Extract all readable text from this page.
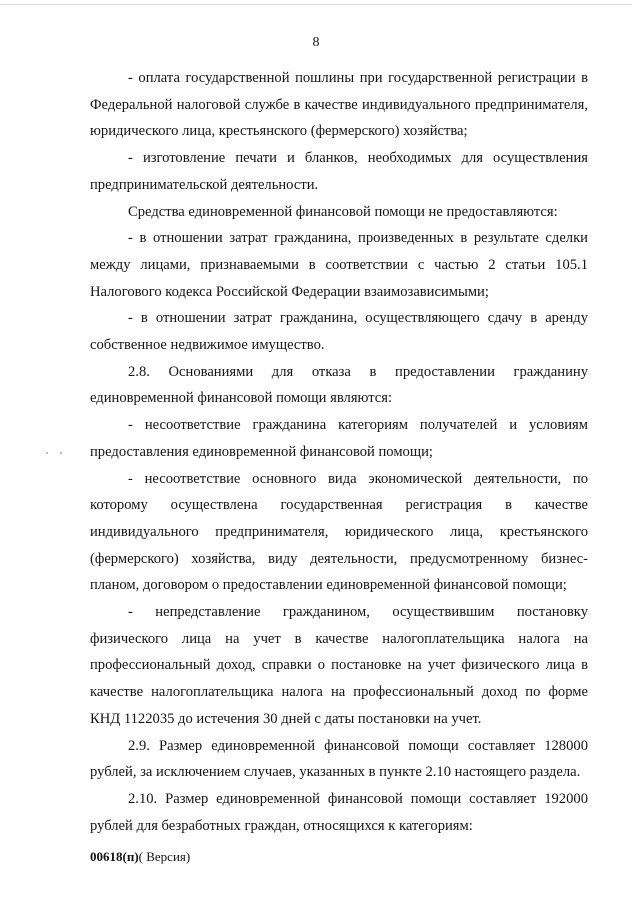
8

- оплата государственной пошлины при государственной регистрации в Федеральной налоговой службе в качестве индивидуального предпринимателя, юридического лица, крестьянского (фермерского) хозяйства;

- изготовление печати и бланков, необходимых для осуществления предпринимательской деятельности.

Средства единовременной финансовой помощи не предоставляются:

- в отношении затрат гражданина, произведенных в результате сделки между лицами, признаваемыми в соответствии с частью 2 статьи 105.1 Налогового кодекса Российской Федерации взаимозависимыми;

- в отношении затрат гражданина, осуществляющего сдачу в аренду собственное недвижимое имущество.

2.8. Основаниями для отказа в предоставлении гражданину единовременной финансовой помощи являются:

- несоответствие гражданина категориям получателей и условиям предоставления единовременной финансовой помощи;

- несоответствие основного вида экономической деятельности, по которому осуществлена государственная регистрация в качестве индивидуального предпринимателя, юридического лица, крестьянского (фермерского) хозяйства, виду деятельности, предусмотренному бизнес-планом, договором о предоставлении единовременной финансовой помощи;

- непредставление гражданином, осуществившим постановку физического лица на учет в качестве налогоплательщика налога на профессиональный доход, справки о постановке на учет физического лица в качестве налогоплательщика налога на профессиональный доход по форме КНД 1122035 до истечения 30 дней с даты постановки на учет.

2.9. Размер единовременной финансовой помощи составляет 128000 рублей, за исключением случаев, указанных в пункте 2.10 настоящего раздела.

2.10. Размер единовременной финансовой помощи составляет 192000 рублей для безработных граждан, относящихся к категориям:

00618(п)( Версия)
